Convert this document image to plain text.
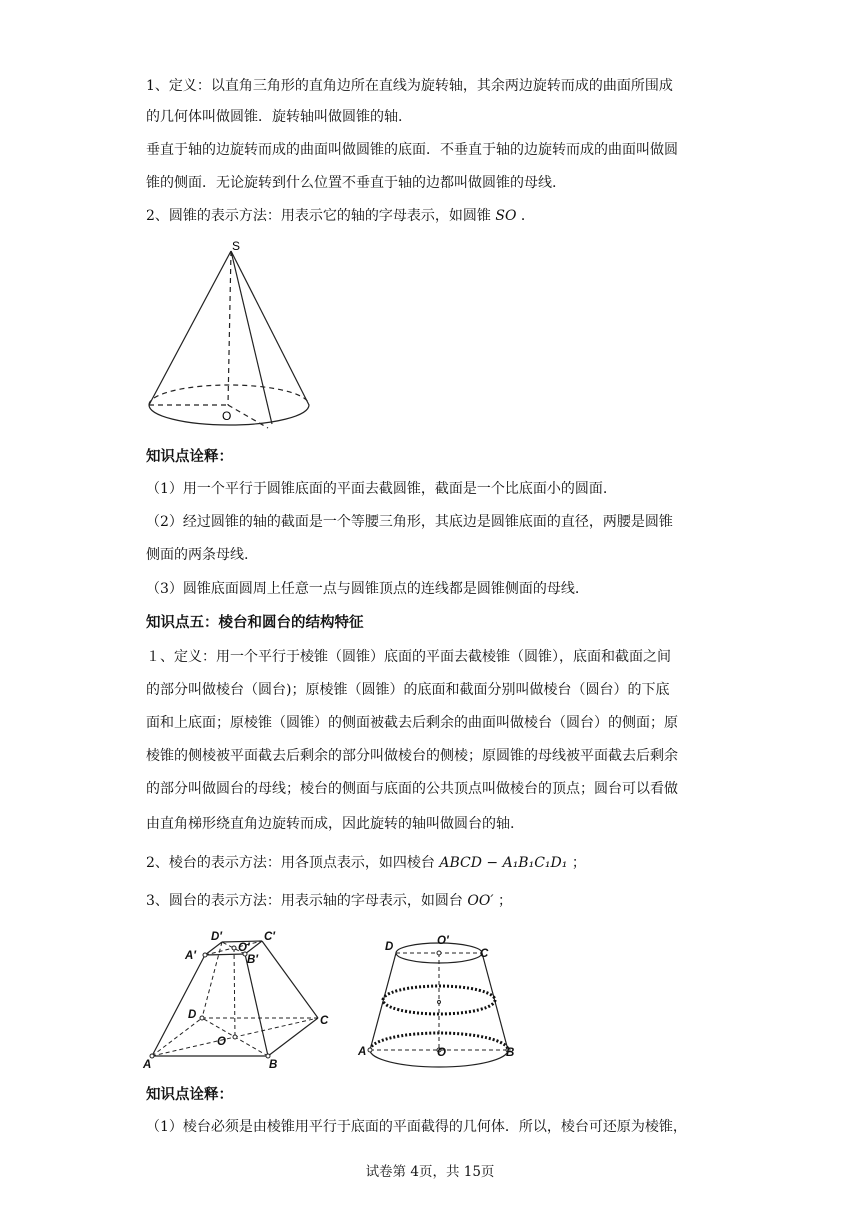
1、定义：以直角三角形的直角边所在直线为旋转轴，其余两边旋转而成的曲面所围成
的几何体叫做圆锥．旋转轴叫做圆锥的轴.
垂直于轴的边旋转而成的曲面叫做圆锥的底面．不垂直于轴的边旋转而成的曲面叫做圆
锥的侧面．无论旋转到什么位置不垂直于轴的边都叫做圆锥的母线.
2、圆锥的表示方法：用表示它的轴的字母表示，如圆锥 SO ．
S
O
知识点诠释：
（1）用一个平行于圆锥底面的平面去截圆锥，截面是一个比底面小的圆面.
（2）经过圆锥的轴的截面是一个等腰三角形，其底边是圆锥底面的直径，两腰是圆锥
侧面的两条母线.
（3）圆锥底面圆周上任意一点与圆锥顶点的连线都是圆锥侧面的母线.
知识点五：棱台和圆台的结构特征
１、定义：用一个平行于棱锥（圆锥）底面的平面去截棱锥（圆锥），底面和截面之间
的部分叫做棱台（圆台)；原棱锥（圆锥）的底面和截面分别叫做棱台（圆台）的下底
面和上底面；原棱锥（圆锥）的侧面被截去后剩余的曲面叫做棱台（圆台）的侧面；原
棱锥的侧棱被平面截去后剩余的部分叫做棱台的侧棱；原圆锥的母线被平面截去后剩余
的部分叫做圆台的母线；棱台的侧面与底面的公共顶点叫做棱台的顶点；圆台可以看做
由直角梯形绕直角边旋转而成，因此旋转的轴叫做圆台的轴.
2、棱台的表示方法：用各顶点表示，如四棱台 ABCD − A₁B₁C₁D₁ ；
3、圆台的表示方法：用表示轴的字母表示，如圆台 OO′ ；
D′	C′
A′	B′
O′
D	C
O
A	B
D	O′
C
A	O	B
知识点诠释：
（1）棱台必须是由棱锥用平行于底面的平面截得的几何体．所以，棱台可还原为棱锥，
试卷第 4页，共 15页
